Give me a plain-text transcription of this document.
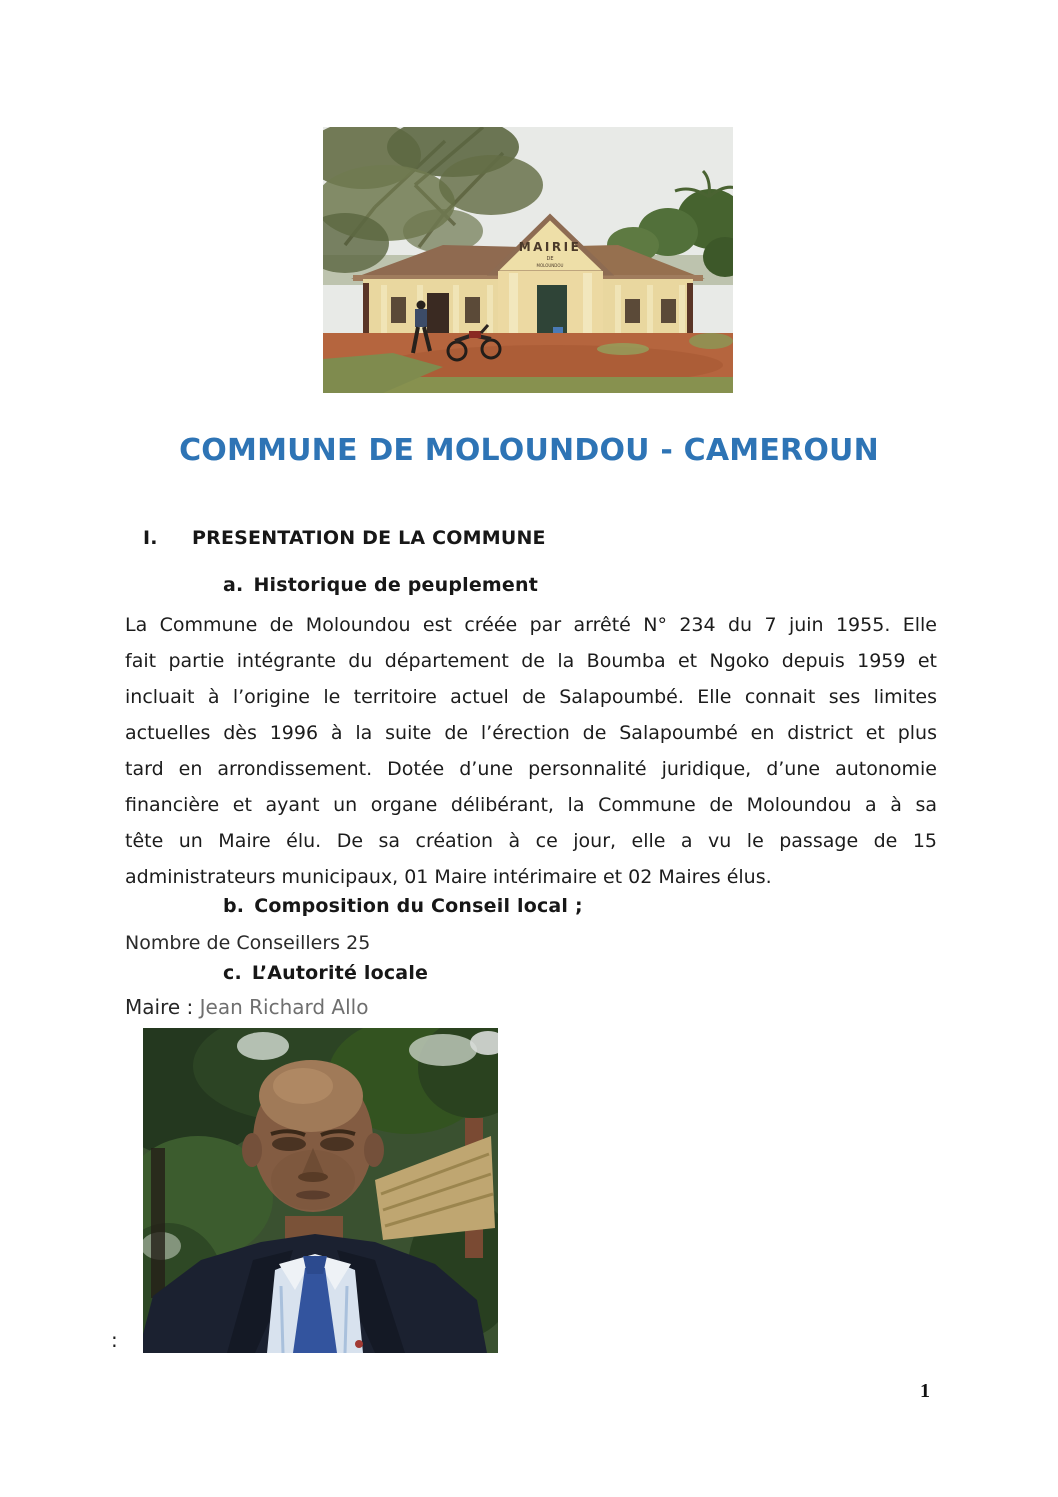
MAIRIE
DE
MOLOUNDOU
COMMUNE DE MOLOUNDOU - CAMEROUN
I. PRESENTATION DE LA COMMUNE
a. Historique de peuplement
La Commune de Moloundou est créée par arrêté N° 234 du 7 juin 1955. Elle
fait partie intégrante du département de la Boumba et Ngoko depuis 1959 et
incluait à l’origine le territoire actuel de Salapoumbé. Elle connait ses limites
actuelles dès 1996 à la suite de l’érection de Salapoumbé en district et plus
tard en arrondissement. Dotée d’une personnalité juridique, d’une autonomie
financière et ayant un organe délibérant, la Commune de Moloundou a à sa
tête un Maire élu. De sa création à ce jour, elle a vu le passage de 15
administrateurs municipaux, 01 Maire intérimaire et 02 Maires élus.
b. Composition du Conseil local ;
Nombre de Conseillers 25
c. L’Autorité locale
Maire : Jean Richard Allo
:
1
